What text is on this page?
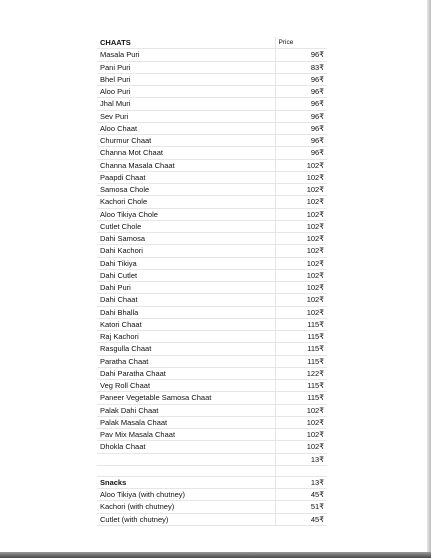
CHAATS	Price
Masala Puri	96₹
Pani Puri	83₹
Bhel Puri	96₹
Aloo Puri	96₹
Jhal Muri	96₹
Sev Puri	96₹
Aloo Chaat	96₹
Churmur Chaat	96₹
Channa Mot Chaat	96₹
Channa Masala Chaat	102₹
Paapdi Chaat	102₹
Samosa Chole	102₹
Kachori Chole	102₹
Aloo Tikiya Chole	102₹
Cutlet Chole	102₹
Dahi Samosa	102₹
Dahi Kachori	102₹
Dahi Tikiya	102₹
Dahi Cutlet	102₹
Dahi Puri	102₹
Dahi Chaat	102₹
Dahi Bhalla	102₹
Katori Chaat	115₹
Raj Kachori	115₹
Rasgulla Chaat	115₹
Paratha Chaat	115₹
Dahi Paratha Chaat	122₹
Veg Roll Chaat	115₹
Paneer Vegetable Samosa Chaat	115₹
Palak Dahi Chaat	102₹
Palak Masala Chaat	102₹
Pav Mix Masala Chaat	102₹
Dhokla Chaat	102₹
	13₹

Snacks	13₹
Aloo Tikiya (with chutney)	45₹
Kachori (with chutney)	51₹
Cutlet (with chutney)	45₹
